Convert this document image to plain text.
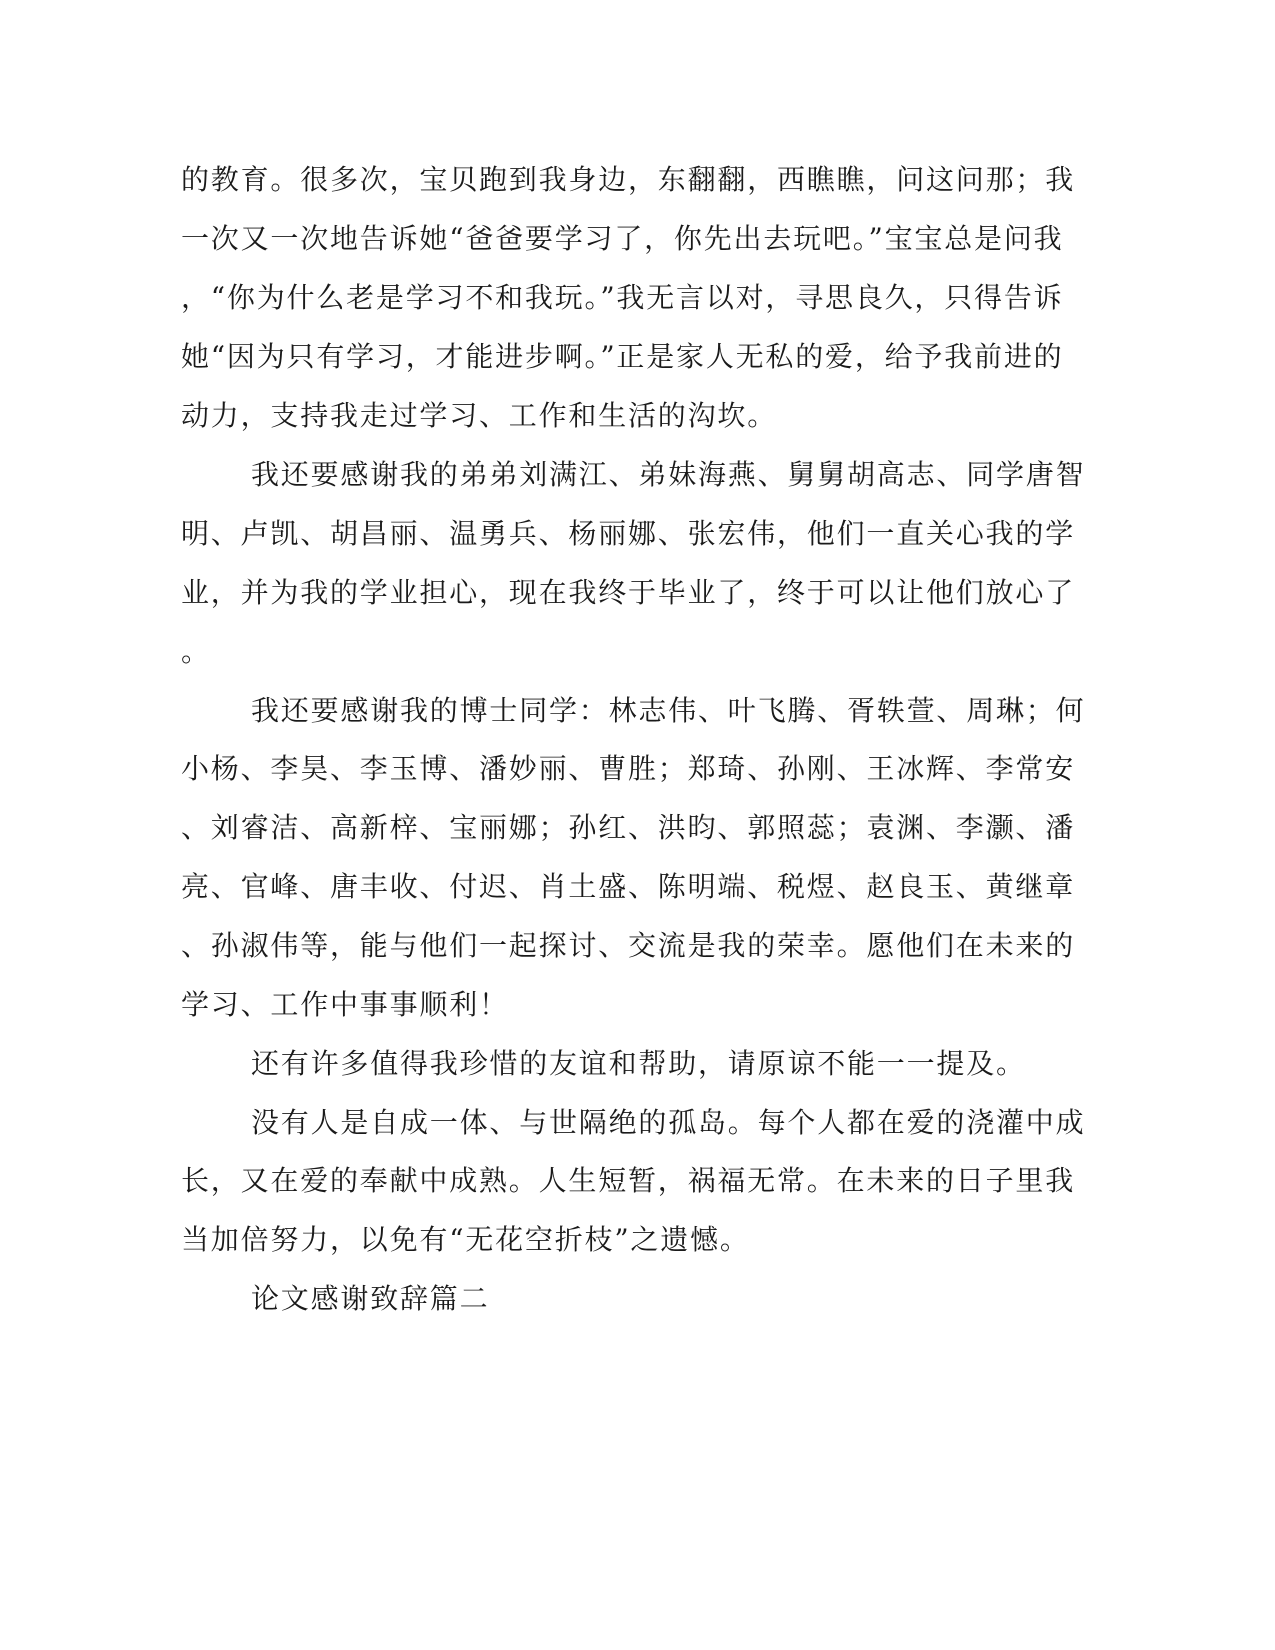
的教育。很多次，宝贝跑到我身边，东翻翻，西瞧瞧，问这问那；我
一次又一次地告诉她“爸爸要学习了，你先出去玩吧。”宝宝总是问我
，“你为什么老是学习不和我玩。”我无言以对，寻思良久，只得告诉
她“因为只有学习，才能进步啊。”正是家人无私的爱，给予我前进的
动力，支持我走过学习、工作和生活的沟坎。
我还要感谢我的弟弟刘满江、弟妹海燕、舅舅胡高志、同学唐智
明、卢凯、胡昌丽、温勇兵、杨丽娜、张宏伟，他们一直关心我的学
业，并为我的学业担心，现在我终于毕业了，终于可以让他们放心了
。
我还要感谢我的博士同学：林志伟、叶飞腾、胥轶萱、周琳；何
小杨、李昊、李玉博、潘妙丽、曹胜；郑琦、孙刚、王冰辉、李常安
、刘睿洁、高新梓、宝丽娜；孙红、洪昀、郭照蕊；袁渊、李灏、潘
亮、官峰、唐丰收、付迟、肖土盛、陈明端、税煜、赵良玉、黄继章
、孙淑伟等，能与他们一起探讨、交流是我的荣幸。愿他们在未来的
学习、工作中事事顺利！
还有许多值得我珍惜的友谊和帮助，请原谅不能一一提及。
没有人是自成一体、与世隔绝的孤岛。每个人都在爱的浇灌中成
长，又在爱的奉献中成熟。人生短暂，祸福无常。在未来的日子里我
当加倍努力，以免有“无花空折枝”之遗憾。
论文感谢致辞篇二
